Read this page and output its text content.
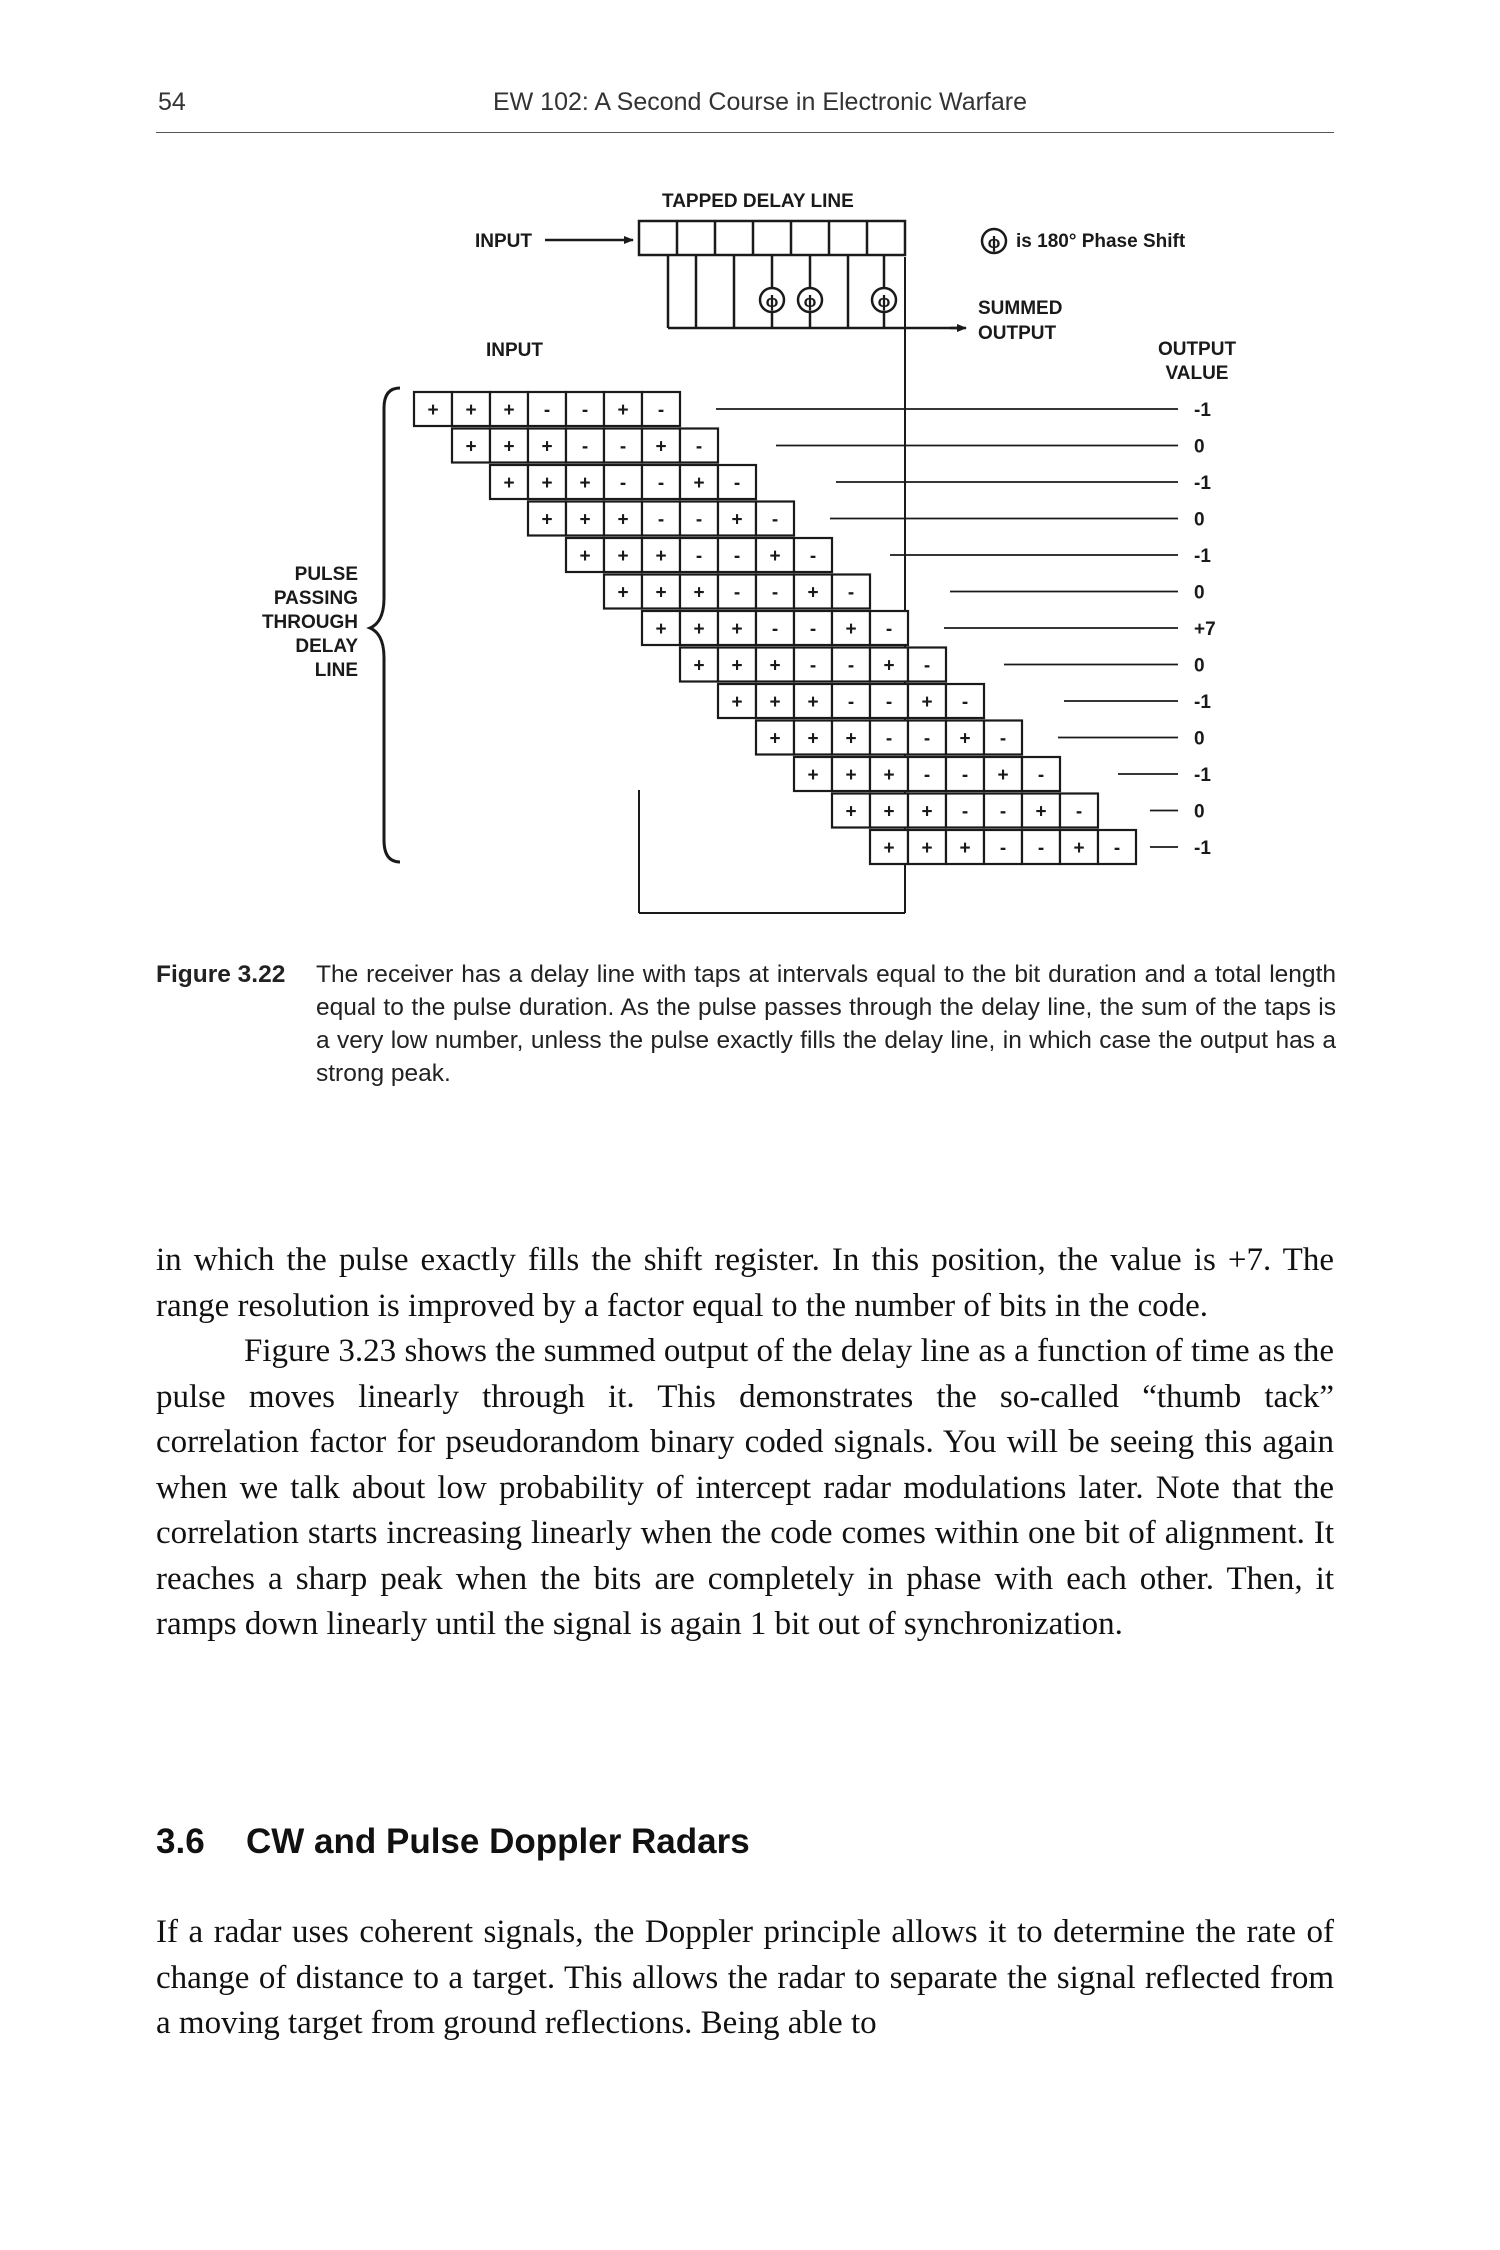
54	EW 102: A Second Course in Electronic Warfare
TAPPED DELAY LINE
INPUT
ϕ ϕ	ϕ
ϕ is 180° Phase Shift
SUMMED
OUTPUT
INPUT	OUTPUT
VALUE
PULSE
PASSING
THROUGH
DELAY
LINE
+ + + - - + -	-1
+ + + - - + -	0
+ + + - - + -	-1
+ + + - - + -	0
+ + + - - + -	-1
+ + + - - + -	0
+ + + - - + -	+7
+ + + - - + -	0
+ + + - - + -	-1
+ + + - - + -	0
+ + + - - + -	-1
+ + + - - + -	0
+ + + - - + -	-1
Figure 3.22 The receiver has a delay line with taps at intervals equal to the bit duration and a total length equal to the pulse duration. As the pulse passes through the delay line, the sum of the taps is a very low number, unless the pulse exactly fills the delay line, in which case the output has a strong peak.

in which the pulse exactly fills the shift register. In this position, the value is +7. The range resolution is improved by a factor equal to the number of bits in the code.

Figure 3.23 shows the summed output of the delay line as a function of time as the pulse moves linearly through it. This demonstrates the so-called “thumb tack” correlation factor for pseudorandom binary coded signals. You will be seeing this again when we talk about low probability of intercept radar modulations later. Note that the correlation starts increasing linearly when the code comes within one bit of alignment. It reaches a sharp peak when the bits are completely in phase with each other. Then, it ramps down linearly until the signal is again 1 bit out of synchronization.

3.6 CW and Pulse Doppler Radars

If a radar uses coherent signals, the Doppler principle allows it to determine the rate of change of distance to a target. This allows the radar to separate the signal reflected from a moving target from ground reflections. Being able to
